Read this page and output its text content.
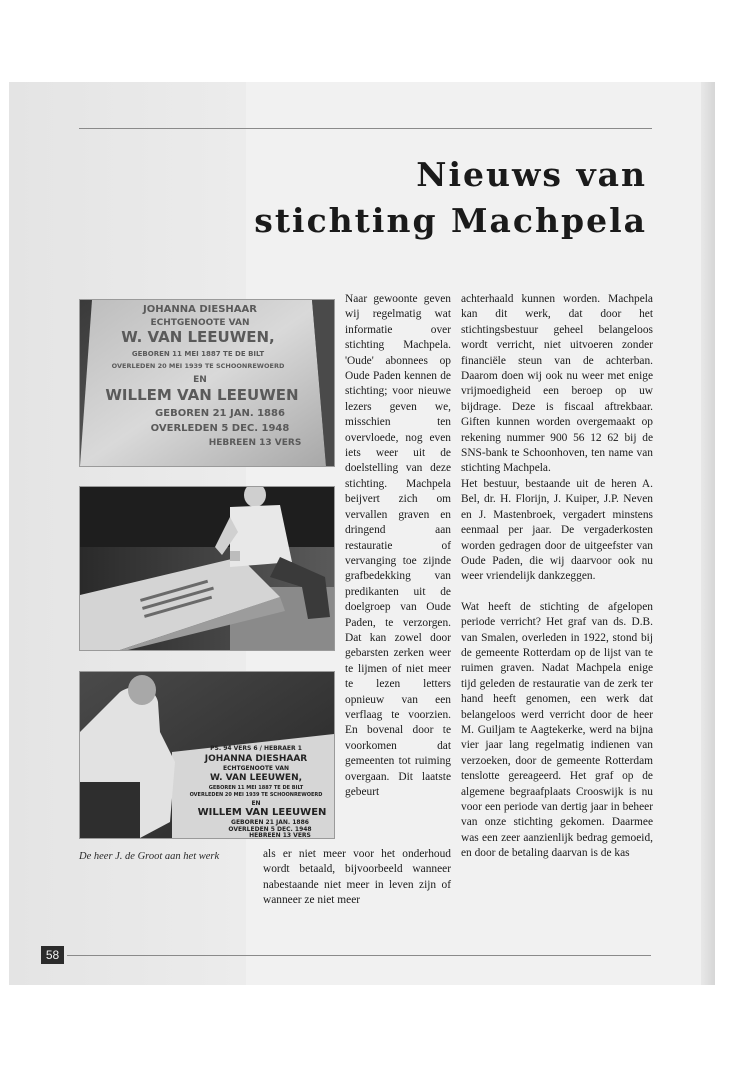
Nieuws van
stichting Machpela
JOHANNA DIESHAAR
ECHTGENOOTE VAN
W. VAN LEEUWEN,
GEBOREN 11 MEI 1887 TE DE BILT
OVERLEDEN 20 MEI 1939 TE SCHOONREWOERD
EN
WILLEM VAN LEEUWEN
GEBOREN 21 JAN. 1886
OVERLEDEN 5 DEC. 1948
HEBREEN 13 VERS
PS. 94 VERS 6 / HEBRAER 1
JOHANNA DIESHAAR
ECHTGENOOTE VAN
W. VAN LEEUWEN,
GEBOREN 11 MEI 1887 TE DE BILT
OVERLEDEN 20 MEI 1939 TE SCHOONREWOERD
EN
WILLEM VAN LEEUWEN
GEBOREN 21 JAN. 1886
OVERLEDEN 5 DEC. 1948
HEBREEN 13 VERS
De heer J. de Groot aan het werk

Naar gewoonte geven wij regelmatig wat informatie over stichting Machpela. 'Oude' abonnees op Oude Paden kennen de stichting; voor nieuwe lezers geven we, misschien ten overvloede, nog even iets weer uit de doelstelling van deze stichting. Machpela beijvert zich om vervallen graven en dringend aan restauratie of vervanging toe zijnde grafbedekking van predikanten uit de doelgroep van Oude Paden, te verzorgen. Dat kan zowel door gebarsten zerken weer te lijmen of niet meer te lezen letters opnieuw van een verflaag te voorzien. En bovenal door te voorkomen dat gemeenten tot ruiming overgaan. Dit laatste gebeurt

als er niet meer voor het onderhoud wordt betaald, bijvoorbeeld wanneer nabestaande niet meer in leven zijn of wanneer ze niet meer

achterhaald kunnen worden. Machpela kan dit werk, dat door het stichtingsbestuur geheel belangeloos wordt verricht, niet uitvoeren zonder financiële steun van de achterban. Daarom doen wij ook nu weer met enige vrijmoedigheid een beroep op uw bijdrage. Deze is fiscaal aftrekbaar. Giften kunnen worden overgemaakt op rekening nummer 900 56 12 62 bij de SNS-bank te Schoonhoven, ten name van stichting Machpela.

Het bestuur, bestaande uit de heren A. Bel, dr. H. Florijn, J. Kuiper, J.P. Neven en J. Mastenbroek, vergadert minstens eenmaal per jaar. De vergaderkosten worden gedragen door de uitgeefster van Oude Paden, die wij daarvoor ook nu weer vriendelijk dankzeggen.

Wat heeft de stichting de afgelopen periode verricht? Het graf van ds. D.B. van Smalen, overleden in 1922, stond bij de gemeente Rotterdam op de lijst van te ruimen graven. Nadat Machpela enige tijd geleden de restauratie van de zerk ter hand heeft genomen, een werk dat belangeloos werd verricht door de heer M. Guiljam te Aagtekerke, werd na bijna vier jaar lang regelmatig indienen van verzoeken, door de gemeente Rotterdam tenslotte gereageerd. Het graf op de algemene begraafplaats Crooswijk is nu voor een periode van dertig jaar in beheer van onze stichting gekomen. Daarmee was een zeer aanzienlijk bedrag gemoeid, en door de betaling daarvan is de kas

58
